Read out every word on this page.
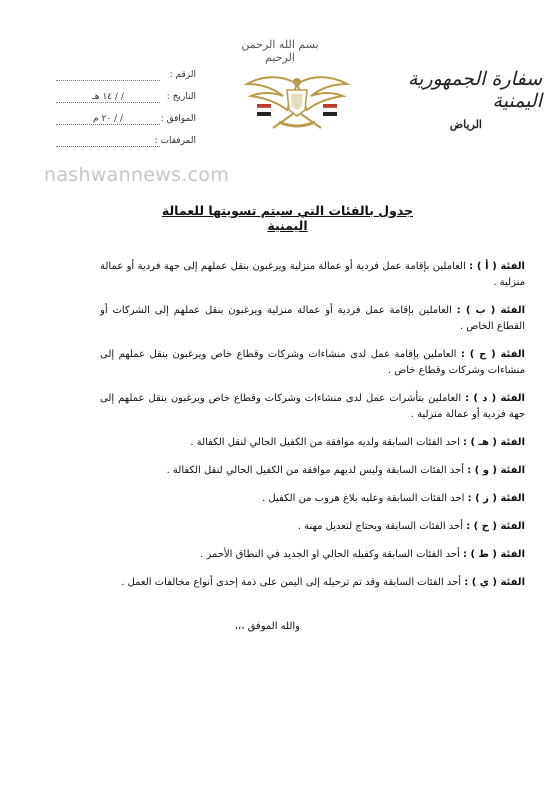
بسم الله الرحمن الرحيم
سفارة الجمهورية اليمنية
الرياض
الرقم :
التاريخ :
/ / ١٤ هـ
الموافق :
/ / ٢٠ م
المرفقات :
nashwannews.com
جدول بالفئات التي سيتم تسويتها للعمالة اليمنية

الفئة ( أ ) : العاملين بإقامة عمل فردية أو عمالة منزلية ويرغبون بنقل عملهم إلى جهة فردية أو عمالة منزلية .

الفئة ( ب ) : العاملين بإقامة عمل فردية أو عمالة منزلية ويرغبون بنقل عملهم إلى الشركات أو القطاع الخاص .

الفئة ( ج ) : العاملين بإقامة عمل لدى منشاءات وشركات وقطاع خاص ويرغبون بنقل عملهم إلى منشاءات وشركات وقطاع خاص .

الفئة ( د ) : العاملين بتأشرات عمل لدى منشاءات وشركات وقطاع خاص ويرغبون بنقل عملهم إلى جهة فردية أو عمالة منزلية .

الفئة ( هـ ) : احد الفئات السابقة ولديه موافقة من الكفيل الحالي لنقل الكفالة .

الفئة ( و ) : أحد الفئات السابقة وليس لديهم موافقة من الكفيل الحالي لنقل الكفالة .

الفئة ( ز ) : احد الفئات السابقة وعليه بلاغ هروب من الكفيل .

الفئة ( ح ) : أحد الفئات السابقة ويحتاج لتعديل مهنة .

الفئة ( ط ) : أحد الفئات السابقة وكفيله الحالي او الجديد في النطاق الأحمر .

الفئة ( ي ) : أحد الفئات السابقة وقد تم ترحيله إلى اليمن على ذمة إحدى أنواع مخالفات العمل .

والله الموفق ،،،
